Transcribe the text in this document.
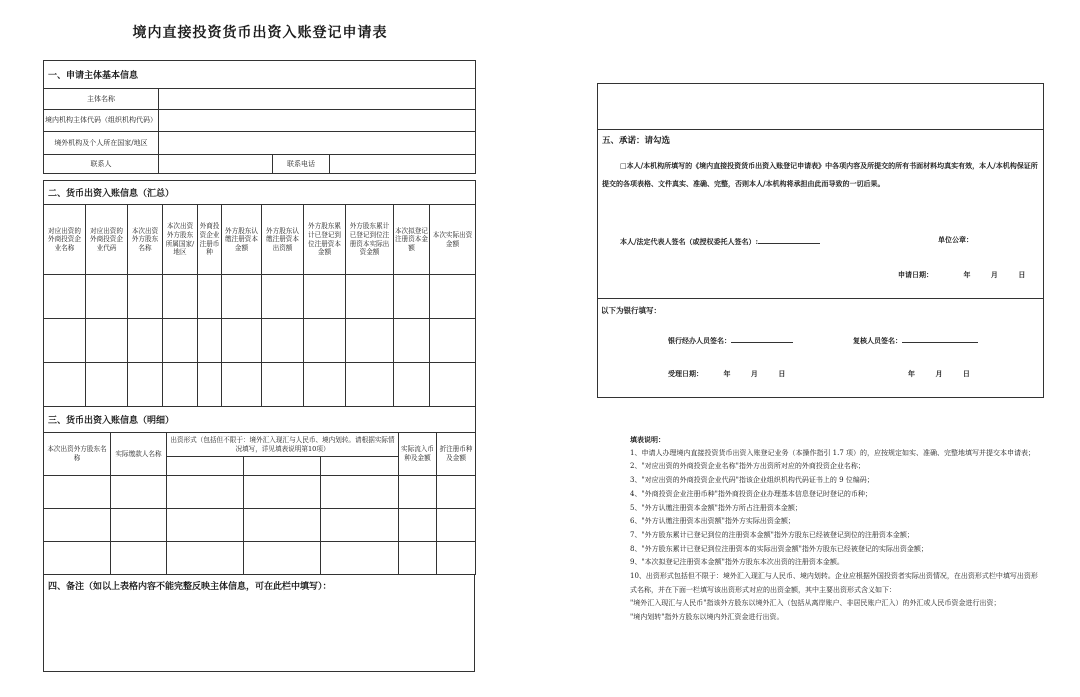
境内直接投资货币出资入账登记申请表
一、申请主体基本信息			
主体名称			
境内机构主体代码（组织机构代码）			
境外机构及个人所在国家/地区			
联系人		联系电话	
二、货币出资入账信息（汇总）										
对应出资的外商投资企业名称	对应出资的外商投资企业代码	本次出资外方股东名称	本次出资外方股东所属国家/地区	外商投资企业注册币种	外方股东认缴注册资本金额	外方股东认缴注册资本出资额	外方股东累计已登记到位注册资本金额	外方股东累计已登记到位注册资本实际出资金额	本次拟登记注册资本金额	本次实际出资金额

三、货币出资入账信息（明细）						
本次出资外方股东名称	实际缴款人名称	出资形式（包括但不限于：境外汇入现汇与人民币、境内划转。请根据实际情况填写，详见填表说明第10项）			实际流入币种及金额	折注册币种及金额

四、备注（如以上表格内容不能完整反映主体信息，可在此栏中填写）：
五、承诺：请勾选
□本人/本机构所填写的《境内直接投资货币出资入账登记申请表》中各项内容及所提交的所有书面材料均真实有效，本人/本机构保证所提交的各项表格、文件真实、准确、完整，否则本人/本机构将承担由此而导致的一切后果。
本人/法定代表人签名（或授权委托人签名）:	单位公章：
申请日期：	年	月	日
以下为银行填写：
银行经办人员签名：	复核人员签名：
受理日期：	年	月	日	年	月	日
填表说明：
1、申请人办理境内直接投资货币出资入账登记业务（本操作指引 1.7 项）的，应按规定如实、准确、完整地填写并提交本申请表；
2、"对应出资的外商投资企业名称"指外方出资所对应的外商投资企业名称；
3、"对应出资的外商投资企业代码"指该企业组织机构代码证书上的 9 位编码；
4、"外商投资企业注册币种"指外商投资企业办理基本信息登记时登记的币种；
5、"外方认缴注册资本金额"指外方所占注册资本金额；
6、"外方认缴注册资本出资额"指外方实际出资金额；
7、"外方股东累计已登记到位的注册资本金额"指外方股东已经被登记到位的注册资本金额；
8、"外方股东累计已登记到位注册资本的实际出资金额"指外方股东已经被登记的实际出资金额；
9、"本次拟登记注册资本金额"指外方股东本次出资的注册资本金额。
10、出资形式包括但不限于：境外汇入现汇与人民币、境内划转。企业应根据外国投资者实际出资情况，在出资形式栏中填写出资形式名称，并在下面一栏填写该出资形式对应的出资金额，其中主要出资形式含义如下：
"境外汇入现汇与人民币"指该外方股东以境外汇入（包括从离岸账户、非居民账户汇入）的外汇或人民币资金进行出资；
"境内划转"指外方股东以境内外汇资金进行出资。
